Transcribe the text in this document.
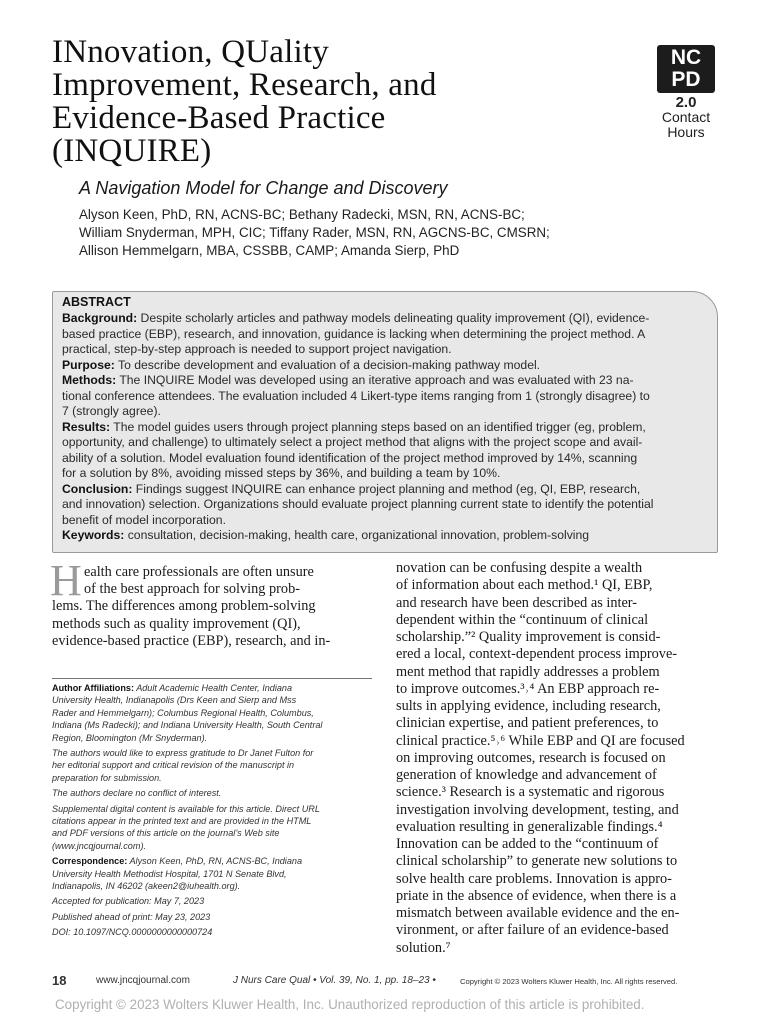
INnovation, QUality
Improvement, Research, and
Evidence-Based Practice
(INQUIRE)
A Navigation Model for Change and Discovery
Alyson Keen, PhD, RN, ACNS-BC; Bethany Radecki, MSN, RN, ACNS-BC;
William Snyderman, MPH, CIC; Tiffany Rader, MSN, RN, AGCNS-BC, CMSRN;
Allison Hemmelgarn, MBA, CSSBB, CAMP; Amanda Sierp, PhD
NC
PD
2.0
Contact
Hours
ABSTRACT
Background: Despite scholarly articles and pathway models delineating quality improvement (QI), evidence-
based practice (EBP), research, and innovation, guidance is lacking when determining the project method. A
practical, step-by-step approach is needed to support project navigation.
Purpose: To describe development and evaluation of a decision-making pathway model.
Methods: The INQUIRE Model was developed using an iterative approach and was evaluated with 23 na-
tional conference attendees. The evaluation included 4 Likert-type items ranging from 1 (strongly disagree) to
7 (strongly agree).
Results: The model guides users through project planning steps based on an identified trigger (eg, problem,
opportunity, and challenge) to ultimately select a project method that aligns with the project scope and avail-
ability of a solution. Model evaluation found identification of the project method improved by 14%, scanning
for a solution by 8%, avoiding missed steps by 36%, and building a team by 10%.
Conclusion: Findings suggest INQUIRE can enhance project planning and method (eg, QI, EBP, research,
and innovation) selection. Organizations should evaluate project planning current state to identify the potential
benefit of model incorporation.
Keywords: consultation, decision-making, health care, organizational innovation, problem-solving
H ealth care professionals are often unsure
of the best approach for solving prob-
lems. The differences among problem-solving
methods such as quality improvement (QI),
evidence-based practice (EBP), research, and in-
novation can be confusing despite a wealth
of information about each method.¹ QI, EBP,
and research have been described as inter-
dependent within the “continuum of clinical
scholarship.”² Quality improvement is consid-
ered a local, context-dependent process improve-
ment method that rapidly addresses a problem
to improve outcomes.³˒⁴ An EBP approach re-
sults in applying evidence, including research,
clinician expertise, and patient preferences, to
clinical practice.⁵˒⁶ While EBP and QI are focused
on improving outcomes, research is focused on
generation of knowledge and advancement of
science.³ Research is a systematic and rigorous
investigation involving development, testing, and
evaluation resulting in generalizable findings.⁴
Innovation can be added to the “continuum of
clinical scholarship” to generate new solutions to
solve health care problems. Innovation is appro-
priate in the absence of evidence, when there is a
mismatch between available evidence and the en-
vironment, or after failure of an evidence-based
solution.⁷
Author Affiliations: Adult Academic Health Center, Indiana
University Health, Indianapolis (Drs Keen and Sierp and Mss
Rader and Hemmelgarn); Columbus Regional Health, Columbus,
Indiana (Ms Radecki); and Indiana University Health, South Central
Region, Bloomington (Mr Snyderman).
The authors would like to express gratitude to Dr Janet Fulton for
her editorial support and critical revision of the manuscript in
preparation for submission.
The authors declare no conflict of interest.
Supplemental digital content is available for this article. Direct URL
citations appear in the printed text and are provided in the HTML
and PDF versions of this article on the journal’s Web site
(www.jncqjournal.com).
Correspondence: Alyson Keen, PhD, RN, ACNS-BC, Indiana
University Health Methodist Hospital, 1701 N Senate Blvd,
Indianapolis, IN 46202 (akeen2@iuhealth.org).
Accepted for publication: May 7, 2023
Published ahead of print: May 23, 2023
DOI: 10.1097/NCQ.0000000000000724
18	www.jncqjournal.com	J Nurs Care Qual • Vol. 39, No. 1, pp. 18–23 •	Copyright © 2023 Wolters Kluwer Health, Inc. All rights reserved.
Copyright © 2023 Wolters Kluwer Health, Inc. Unauthorized reproduction of this article is prohibited.
